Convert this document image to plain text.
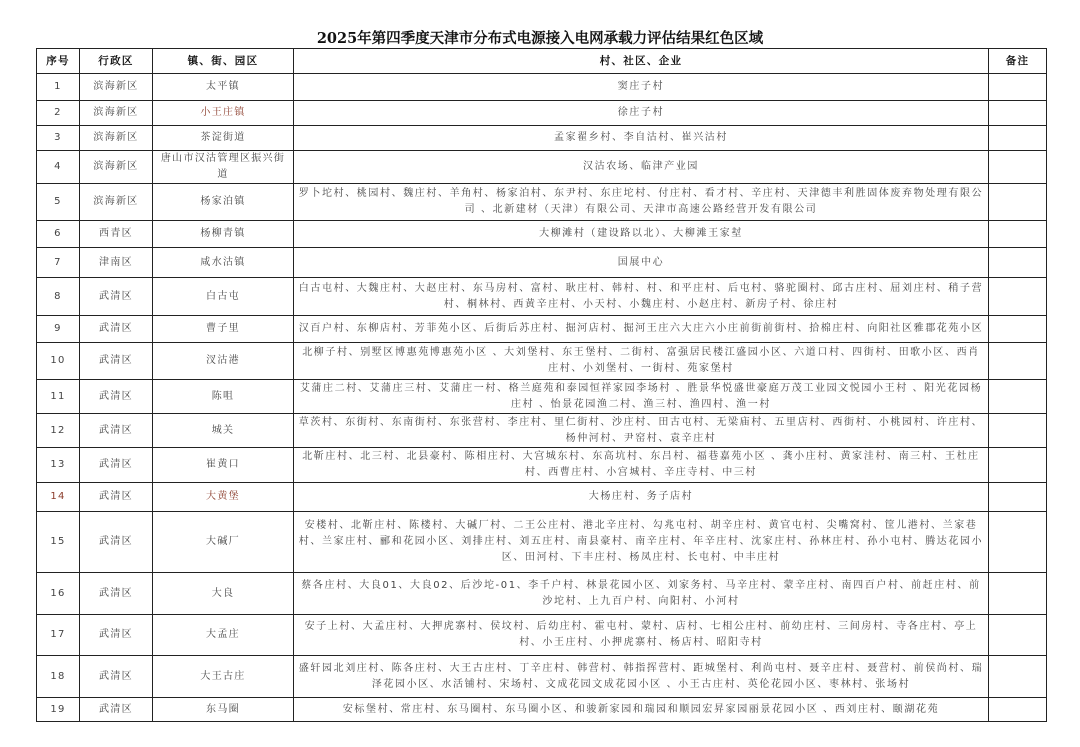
2025年第四季度天津市分布式电源接入电网承载力评估结果红色区域
序号	行政区	镇、街、园区	村、社区、企业	备注
1	滨海新区	太平镇	窦庄子村	
2	滨海新区	小王庄镇	徐庄子村	
3	滨海新区	茶淀街道	孟家翟乡村、李自沽村、崔兴沽村	
4	滨海新区	唐山市汉沽管理区振兴街道	汉沽农场、临津产业园	
5	滨海新区	杨家泊镇	罗卜坨村、桃园村、魏庄村、羊角村、杨家泊村、东尹村、东庄坨村、付庄村、看才村、辛庄村、天津德丰利胜固体废弃物处理有限公司 、北新建材（天津）有限公司、天津市高速公路经营开发有限公司	
6	西青区	杨柳青镇	大柳滩村（建设路以北）、大柳滩王家堼	
7	津南区	咸水沽镇	国展中心	
8	武清区	白古屯	白古屯村、大魏庄村、大赵庄村、东马房村、富村、耿庄村、韩村、村、和平庄村、后屯村、骆驼圈村、邱古庄村、屈刘庄村、稍子营村、桐林村、西黄辛庄村、小天村、小魏庄村、小赵庄村、新房子村、徐庄村	
9	武清区	曹子里	汉百户村、东柳店村、芳菲苑小区、后街后苏庄村、掘河店村、掘河王庄六大庄六小庄前街前街村、拾棉庄村、向阳社区雅郡花苑小区	
10	武清区	汊沽港	北柳子村、别墅区博惠苑博惠苑小区 、大刘堡村、东王堡村、二街村、富强居民楼江盛园小区、六道口村、四街村、田歌小区、西肖庄村、小刘堡村、一街村、苑家堡村	
11	武清区	陈咀	艾蒲庄二村、艾蒲庄三村、艾蒲庄一村、格兰庭苑和泰园恒祥家园李场村 、胜景华悦盛世豪庭万茂工业园文悦园小王村 、阳光花园杨庄村 、怡景花园渔二村、渔三村、渔四村、渔一村	
12	武清区	城关	草茨村、东街村、东南街村、东张营村、李庄村、里仁街村、沙庄村、田古屯村、无梁庙村、五里店村、西街村、小桃园村、许庄村、杨仲河村、尹窑村、袁辛庄村	
13	武清区	崔黄口	北靳庄村、北三村、北县豪村、陈相庄村、大宫城东村、东高坑村、东吕村、福巷嘉苑小区 、龚小庄村、黄家洼村、南三村、王杜庄村、西曹庄村、小宫城村、辛庄寺村、中三村	
14	武清区	大黄堡	大杨庄村、务子店村	
15	武清区	大碱厂	安楼村、北靳庄村、陈楼村、大碱厂村、二王公庄村、港北辛庄村、勾兆屯村、胡辛庄村、黄官屯村、尖嘴窝村、筐儿港村、兰家巷村、兰家庄村、郦和花园小区、刘排庄村、刘五庄村、南县豪村、南辛庄村、年辛庄村、沈家庄村、孙林庄村、孙小屯村、腾达花园小区、田河村、下丰庄村、杨凤庄村、长屯村、中丰庄村	
16	武清区	大良	蔡各庄村、大良01、大良02、后沙坨-01、李千户村、林景花园小区、刘家务村、马辛庄村、蒙辛庄村、南四百户村、前赶庄村、前沙坨村、上九百户村、向阳村、小河村	
17	武清区	大孟庄	安子上村、大孟庄村、大押虎寨村、侯坟村、后幼庄村、霍屯村、蒙村、店村、七相公庄村、前幼庄村、三间房村、寺各庄村、亭上村、小王庄村、小押虎寨村、杨店村、昭阳寺村	
18	武清区	大王古庄	盛轩园北刘庄村、陈各庄村、大王古庄村、丁辛庄村、韩营村、韩指挥营村、距城堡村、利尚屯村、聂辛庄村、聂营村、前侯尚村、瑞泽花园小区、水活铺村、宋场村、文成花园文成花园小区 、小王古庄村、英伦花园小区、枣林村、张场村	
19	武清区	东马圈	安标堡村、常庄村、东马圈村、东马圈小区、和骏新家园和瑞园和顺园宏昇家园丽景花园小区 、西刘庄村、颐湖花苑	
